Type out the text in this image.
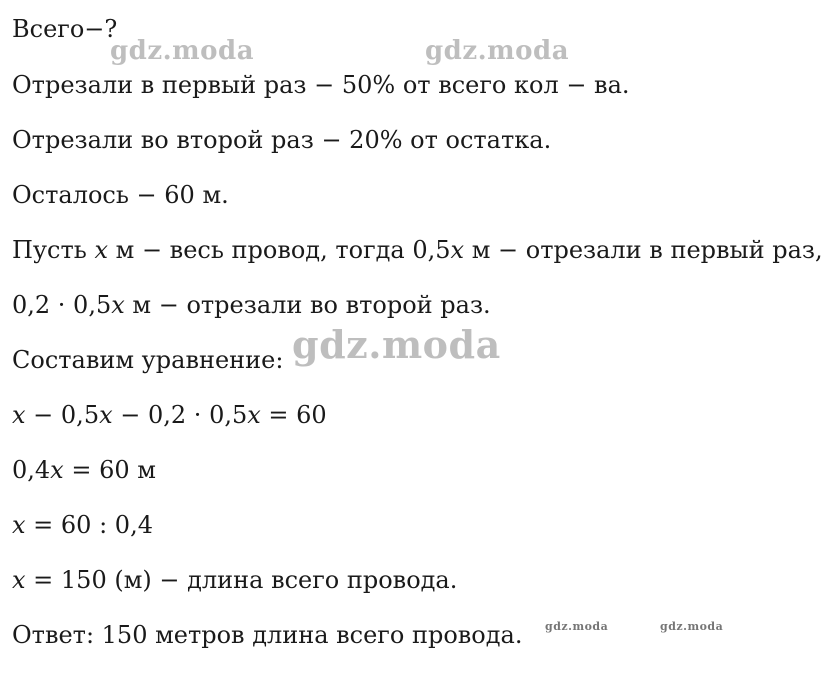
Всего−?

Отрезали в первый раз − 50% от всего кол − ва.

Отрезали во второй раз − 20% от остатка.

Осталось − 60 м.

Пусть x м − весь провод, тогда 0,5x м − отрезали в первый раз,

0,2 · 0,5x м − отрезали во второй раз.

Составим уравнение:

x − 0,5x − 0,2 · 0,5x = 60

0,4x = 60 м

x = 60 : 0,4

x = 150 (м) − длина всего провода.

Ответ: 150 метров длина всего провода.

gdz.moda	gdz.moda
gdz.moda
gdz.moda	gdz.moda
